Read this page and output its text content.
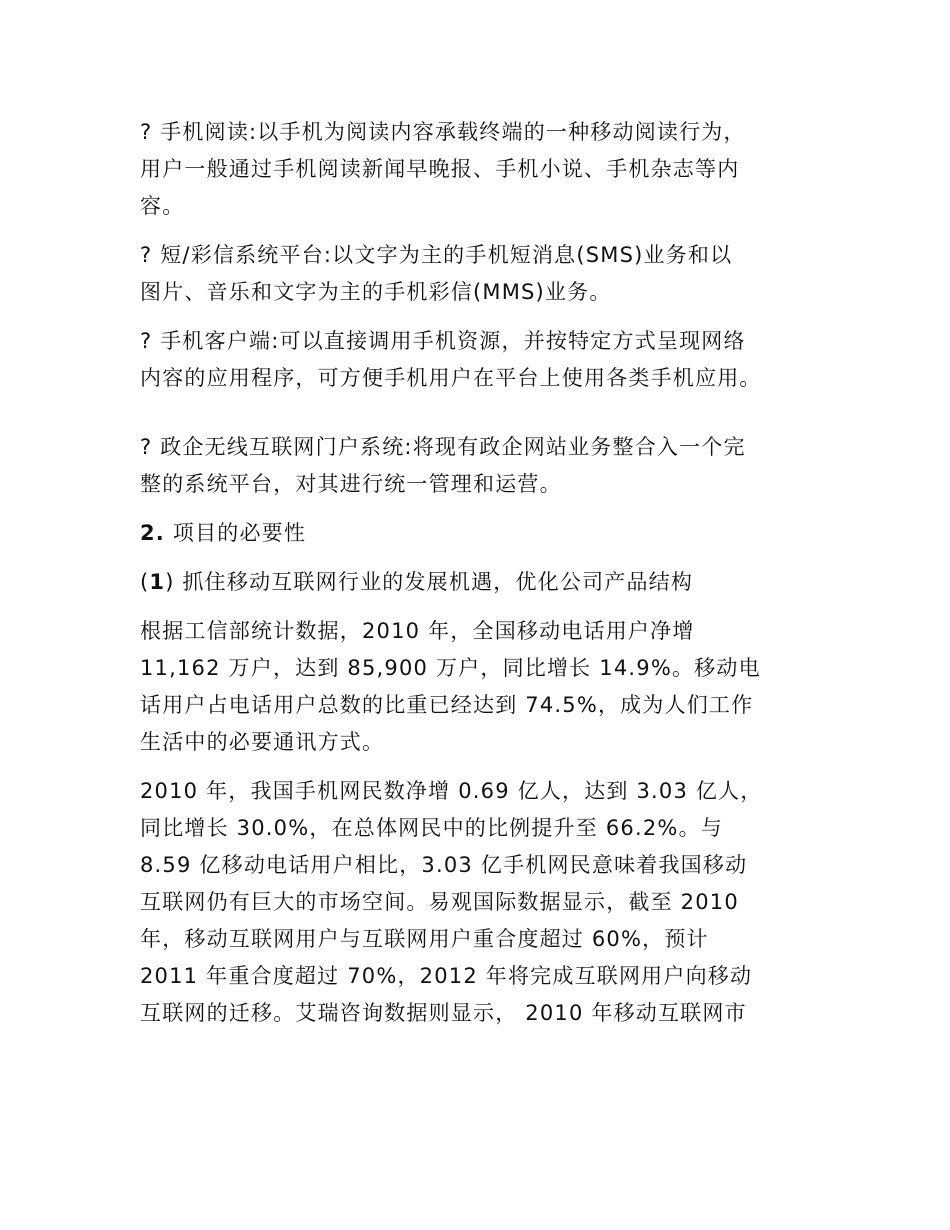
? 手机阅读:以手机为阅读内容承载终端的一种移动阅读行为，
用户一般通过手机阅读新闻早晚报、手机小说、手机杂志等内
容。
? 短/彩信系统平台:以文字为主的手机短消息(SMS)业务和以
图片、音乐和文字为主的手机彩信(MMS)业务。
? 手机客户端:可以直接调用手机资源，并按特定方式呈现网络
内容的应用程序，可方便手机用户在平台上使用各类手机应用。
? 政企无线互联网门户系统:将现有政企网站业务整合入一个完
整的系统平台，对其进行统一管理和运营。
2. 项目的必要性
(1) 抓住移动互联网行业的发展机遇，优化公司产品结构
根据工信部统计数据，2010 年，全国移动电话用户净增
11,162 万户，达到 85,900 万户，同比增长 14.9%。移动电
话用户占电话用户总数的比重已经达到 74.5%，成为人们工作
生活中的必要通讯方式。
2010 年，我国手机网民数净增 0.69 亿人，达到 3.03 亿人，
同比增长 30.0%，在总体网民中的比例提升至 66.2%。与
8.59 亿移动电话用户相比，3.03 亿手机网民意味着我国移动
互联网仍有巨大的市场空间。易观国际数据显示，截至 2010
年，移动互联网用户与互联网用户重合度超过 60%，预计
2011 年重合度超过 70%，2012 年将完成互联网用户向移动
互联网的迁移。艾瑞咨询数据则显示， 2010 年移动互联网市
